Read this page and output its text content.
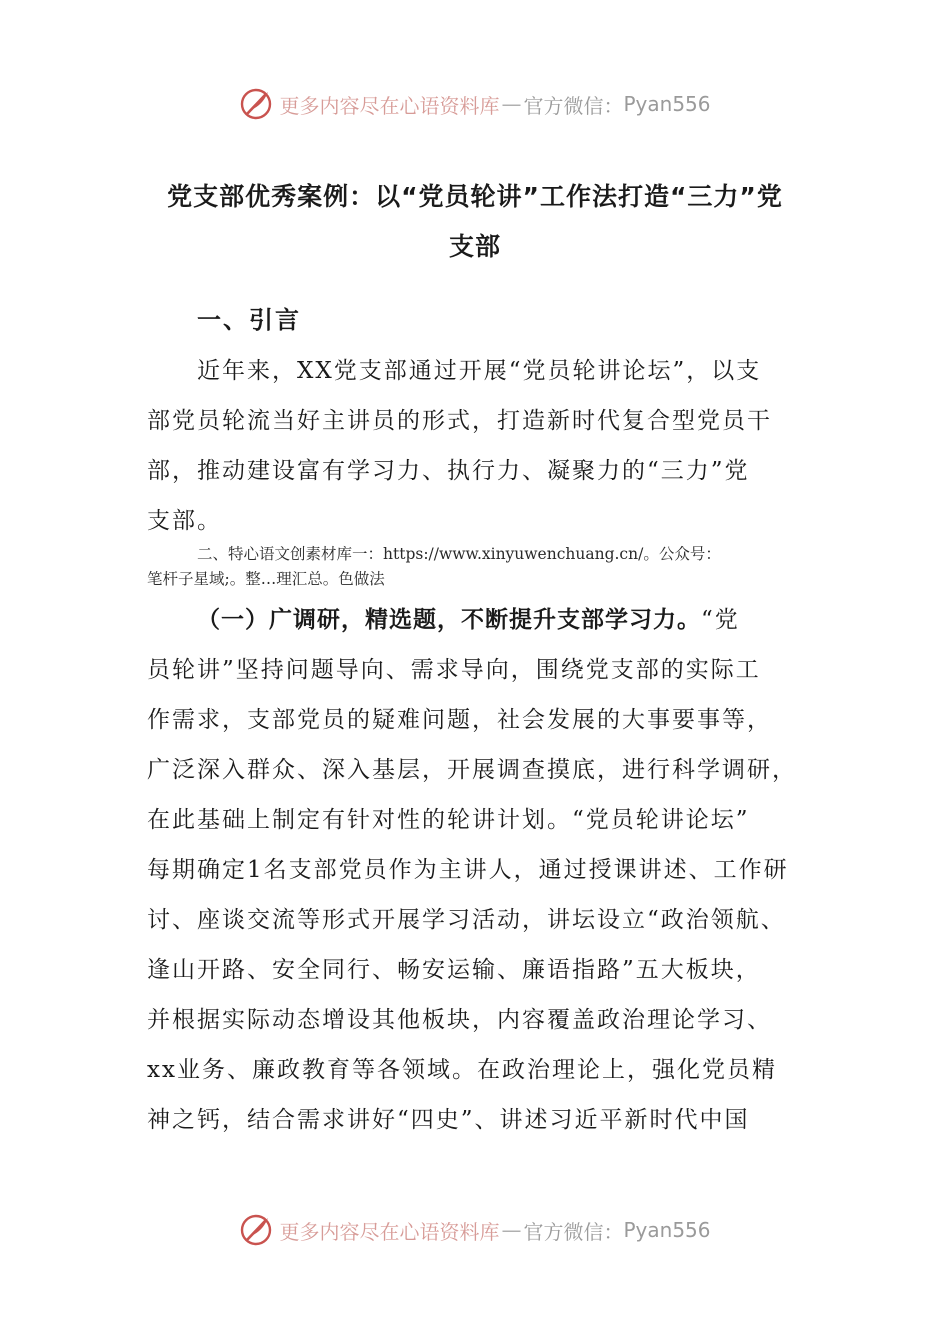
更多内容尽在心语资料库 — 官方微信： Pyan556
党支部优秀案例：以“党员轮讲”工作法打造“三力”党
支部
一、引言
近年来，XX党支部通过开展“党员轮讲论坛”，以支
部党员轮流当好主讲员的形式，打造新时代复合型党员干
部，推动建设富有学习力、执行力、凝聚力的“三力”党
支部。
二、特心语文创素材库一：https://www.xinyuwenchuang.cn/。公众号：
笔杆子星域;。整…理汇总。色做法
（一）广调研，精选题，不断提升支部学习力。“党
员轮讲”坚持问题导向、需求导向，围绕党支部的实际工
作需求，支部党员的疑难问题，社会发展的大事要事等，
广泛深入群众、深入基层，开展调查摸底，进行科学调研，
在此基础上制定有针对性的轮讲计划。“党员轮讲论坛”
每期确定1名支部党员作为主讲人，通过授课讲述、工作研
讨、座谈交流等形式开展学习活动，讲坛设立“政治领航、
逢山开路、安全同行、畅安运输、廉语指路”五大板块，
并根据实际动态增设其他板块，内容覆盖政治理论学习、
xx业务、廉政教育等各领域。在政治理论上，强化党员精
神之钙，结合需求讲好“四史”、讲述习近平新时代中国
更多内容尽在心语资料库 — 官方微信： Pyan556
